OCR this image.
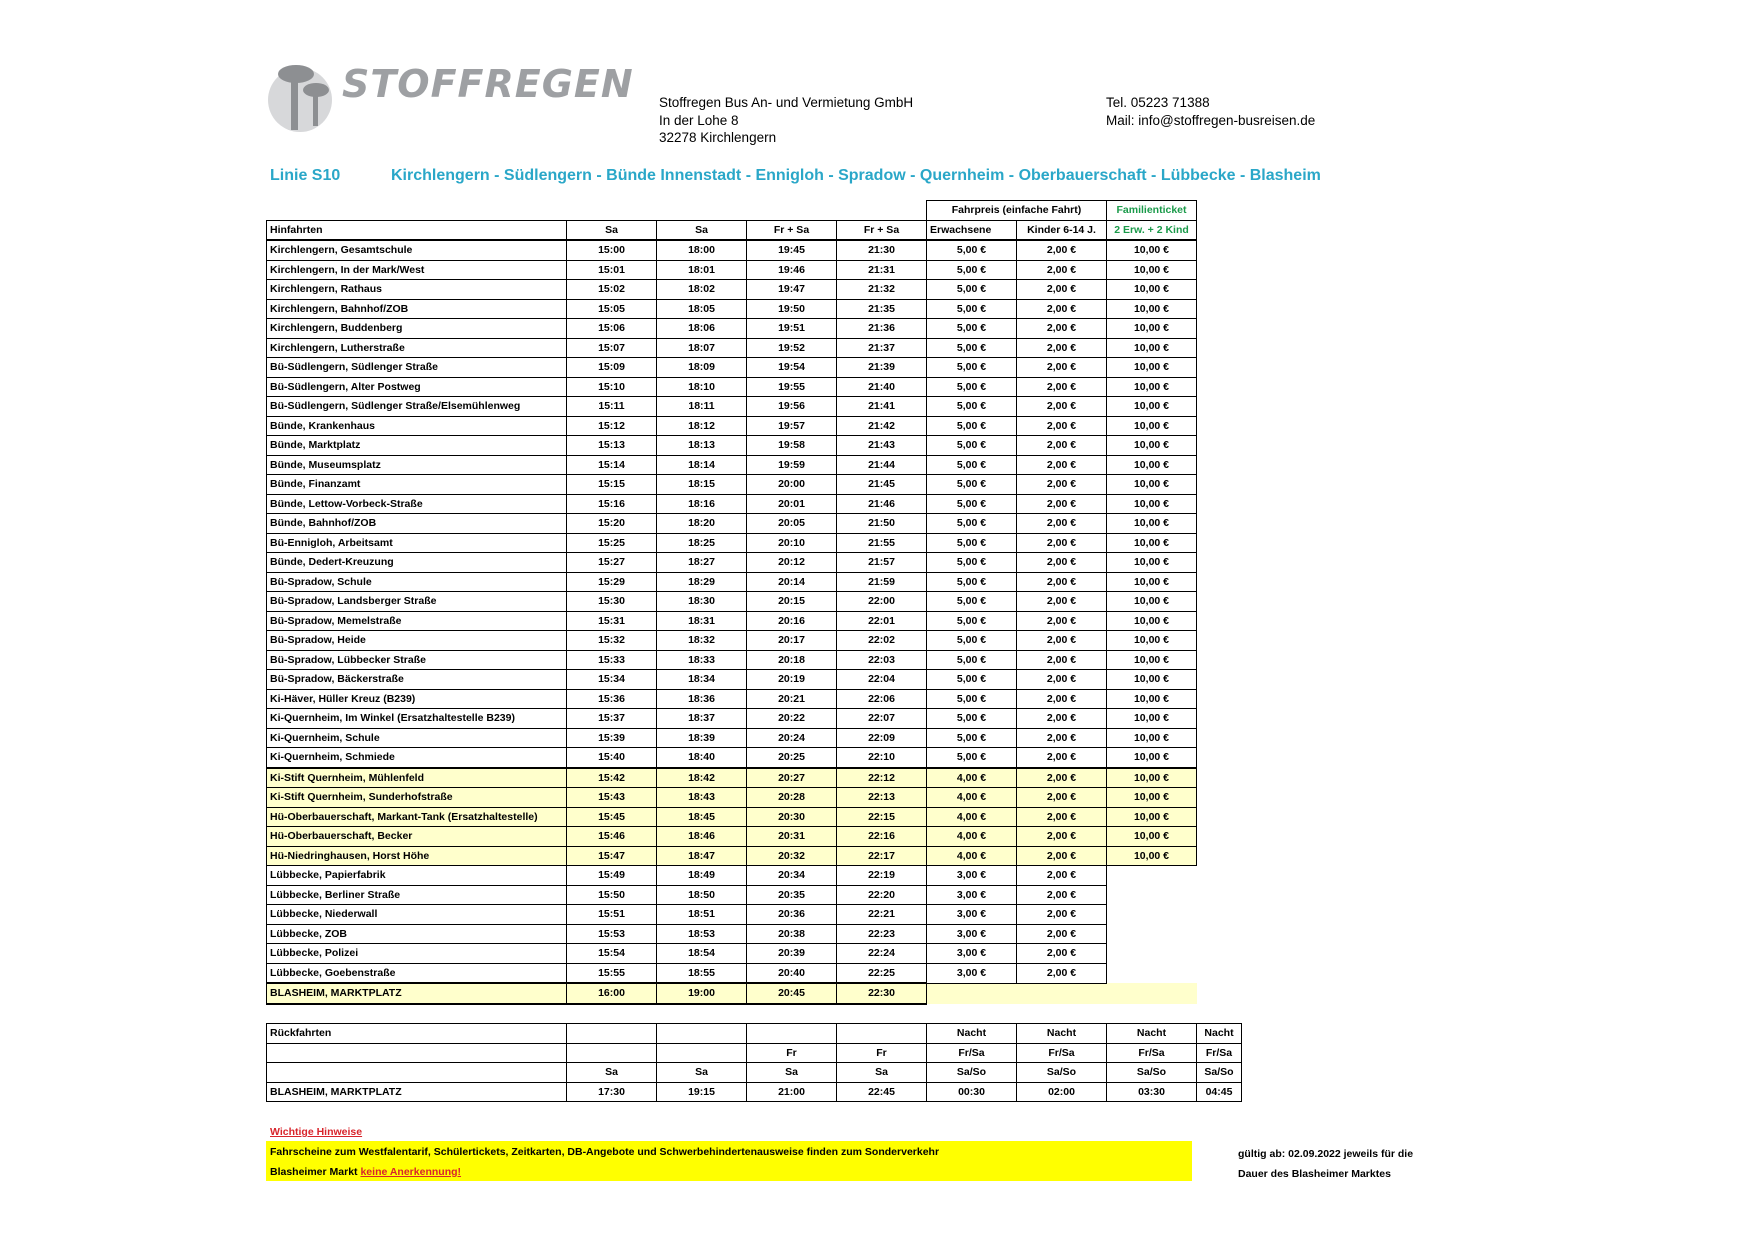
STOFFREGEN Stoffregen Bus An- und Vermietung GmbH
In der Lohe 8
32278 Kirchlengern
Tel. 05223 71388
Mail: info@stoffregen-busreisen.de
Linie S10	Kirchlengern - Südlengern - Bünde Innenstadt - Ennigloh - Spradow - Quernheim - Oberbauerschaft - Lübbecke - Blasheim
					Fahrpreis (einfache Fahrt)		Familienticket
Hinfahrten	Sa	Sa	Fr + Sa	Fr + Sa	Erwachsene	Kinder 6-14 J.	2 Erw. + 2 Kind
Kirchlengern, Gesamtschule	15:00	18:00	19:45	21:30	5,00 €	2,00 €	10,00 €
Kirchlengern, In der Mark/West	15:01	18:01	19:46	21:31	5,00 €	2,00 €	10,00 €
Kirchlengern, Rathaus	15:02	18:02	19:47	21:32	5,00 €	2,00 €	10,00 €
Kirchlengern, Bahnhof/ZOB	15:05	18:05	19:50	21:35	5,00 €	2,00 €	10,00 €
Kirchlengern, Buddenberg	15:06	18:06	19:51	21:36	5,00 €	2,00 €	10,00 €
Kirchlengern, Lutherstraße	15:07	18:07	19:52	21:37	5,00 €	2,00 €	10,00 €
Bü-Südlengern, Südlenger Straße	15:09	18:09	19:54	21:39	5,00 €	2,00 €	10,00 €
Bü-Südlengern, Alter Postweg	15:10	18:10	19:55	21:40	5,00 €	2,00 €	10,00 €
Bü-Südlengern, Südlenger Straße/Elsemühlenweg	15:11	18:11	19:56	21:41	5,00 €	2,00 €	10,00 €
Bünde, Krankenhaus	15:12	18:12	19:57	21:42	5,00 €	2,00 €	10,00 €
Bünde, Marktplatz	15:13	18:13	19:58	21:43	5,00 €	2,00 €	10,00 €
Bünde, Museumsplatz	15:14	18:14	19:59	21:44	5,00 €	2,00 €	10,00 €
Bünde, Finanzamt	15:15	18:15	20:00	21:45	5,00 €	2,00 €	10,00 €
Bünde, Lettow-Vorbeck-Straße	15:16	18:16	20:01	21:46	5,00 €	2,00 €	10,00 €
Bünde, Bahnhof/ZOB	15:20	18:20	20:05	21:50	5,00 €	2,00 €	10,00 €
Bü-Ennigloh, Arbeitsamt	15:25	18:25	20:10	21:55	5,00 €	2,00 €	10,00 €
Bünde, Dedert-Kreuzung	15:27	18:27	20:12	21:57	5,00 €	2,00 €	10,00 €
Bü-Spradow, Schule	15:29	18:29	20:14	21:59	5,00 €	2,00 €	10,00 €
Bü-Spradow, Landsberger Straße	15:30	18:30	20:15	22:00	5,00 €	2,00 €	10,00 €
Bü-Spradow, Memelstraße	15:31	18:31	20:16	22:01	5,00 €	2,00 €	10,00 €
Bü-Spradow, Heide	15:32	18:32	20:17	22:02	5,00 €	2,00 €	10,00 €
Bü-Spradow, Lübbecker Straße	15:33	18:33	20:18	22:03	5,00 €	2,00 €	10,00 €
Bü-Spradow, Bäckerstraße	15:34	18:34	20:19	22:04	5,00 €	2,00 €	10,00 €
Ki-Häver, Hüller Kreuz (B239)	15:36	18:36	20:21	22:06	5,00 €	2,00 €	10,00 €
Ki-Quernheim, Im Winkel (Ersatzhaltestelle B239)	15:37	18:37	20:22	22:07	5,00 €	2,00 €	10,00 €
Ki-Quernheim, Schule	15:39	18:39	20:24	22:09	5,00 €	2,00 €	10,00 €
Ki-Quernheim, Schmiede	15:40	18:40	20:25	22:10	5,00 €	2,00 €	10,00 €
Ki-Stift Quernheim, Mühlenfeld	15:42	18:42	20:27	22:12	4,00 €	2,00 €	10,00 €
Ki-Stift Quernheim, Sunderhofstraße	15:43	18:43	20:28	22:13	4,00 €	2,00 €	10,00 €
Hü-Oberbauerschaft, Markant-Tank (Ersatzhaltestelle)	15:45	18:45	20:30	22:15	4,00 €	2,00 €	10,00 €
Hü-Oberbauerschaft, Becker	15:46	18:46	20:31	22:16	4,00 €	2,00 €	10,00 €
Hü-Niedringhausen, Horst Höhe	15:47	18:47	20:32	22:17	4,00 €	2,00 €	10,00 €
Lübbecke, Papierfabrik	15:49	18:49	20:34	22:19	3,00 €	2,00 €	
Lübbecke, Berliner Straße	15:50	18:50	20:35	22:20	3,00 €	2,00 €	
Lübbecke, Niederwall	15:51	18:51	20:36	22:21	3,00 €	2,00 €	
Lübbecke, ZOB	15:53	18:53	20:38	22:23	3,00 €	2,00 €	
Lübbecke, Polizei	15:54	18:54	20:39	22:24	3,00 €	2,00 €	
Lübbecke, Goebenstraße	15:55	18:55	20:40	22:25	3,00 €	2,00 €	
BLASHEIM, MARKTPLATZ	16:00	19:00	20:45	22:30			
Rückfahrten					Nacht	Nacht	Nacht	Nacht
			Fr	Fr	Fr/Sa	Fr/Sa	Fr/Sa	Fr/Sa
	Sa	Sa	Sa	Sa	Sa/So	Sa/So	Sa/So	Sa/So
BLASHEIM, MARKTPLATZ	17:30	19:15	21:00	22:45	00:30	02:00	03:30	04:45
Wichtige Hinweise
Fahrscheine zum Westfalentarif, Schülertickets, Zeitkarten, DB-Angebote und Schwerbehindertenausweise finden zum Sonderverkehr
Blasheimer Markt keine Anerkennung!
gültig ab: 02.09.2022 jeweils für die
Dauer des Blasheimer Marktes
